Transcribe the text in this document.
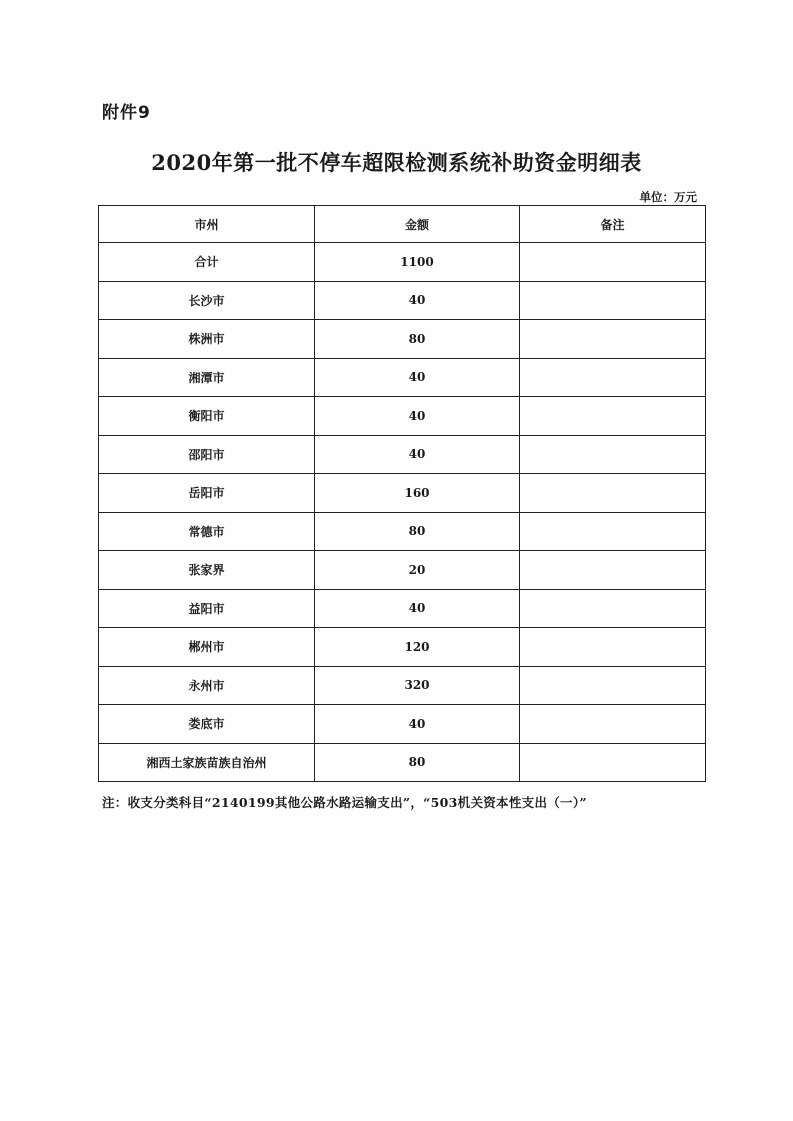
附件9
2020年第一批不停车超限检测系统补助资金明细表
单位：万元
市州	金额	备注
合计	1100	
长沙市	40	
株洲市	80	
湘潭市	40	
衡阳市	40	
邵阳市	40	
岳阳市	160	
常德市	80	
张家界	20	
益阳市	40	
郴州市	120	
永州市	320	
娄底市	40	
湘西土家族苗族自治州	80	
注：收支分类科目“2140199其他公路水路运输支出”，“503机关资本性支出（一）”
